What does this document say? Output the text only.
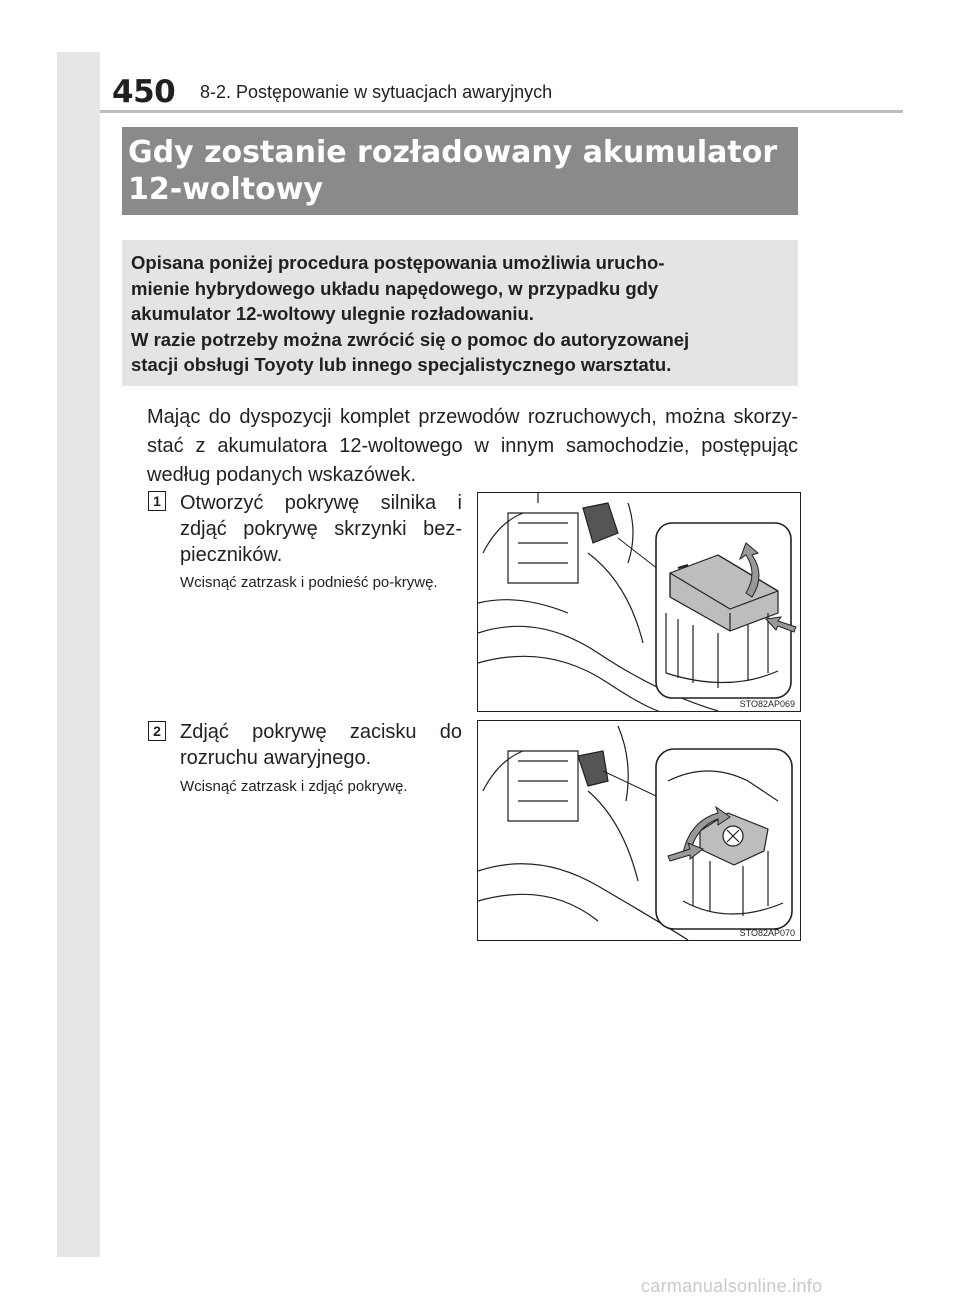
450 8-2. Postępowanie w sytuacjach awaryjnych
Gdy zostanie rozładowany akumulator
12-woltowy

Opisana poniżej procedura postępowania umożliwia urucho-
mienie hybrydowego układu napędowego, w przypadku gdy
akumulator 12-woltowy ulegnie rozładowaniu.
W razie potrzeby można zwrócić się o pomoc do autoryzowanej
stacji obsługi Toyoty lub innego specjalistycznego warsztatu.

Mając do dyspozycji komplet przewodów rozruchowych, można skorzy-stać z akumulatora 12-woltowego w innym samochodzie, postępując według podanych wskazówek.

1 Otworzyć pokrywę silnika i zdjąć pokrywę skrzynki bez-pieczników.

Wcisnąć zatrzask i podnieść po-krywę.

STO82AP069
2 Zdjąć pokrywę zacisku do rozruchu awaryjnego.

Wcisnąć zatrzask i zdjąć pokrywę.

STO82AP070
carmanualsonline.info
